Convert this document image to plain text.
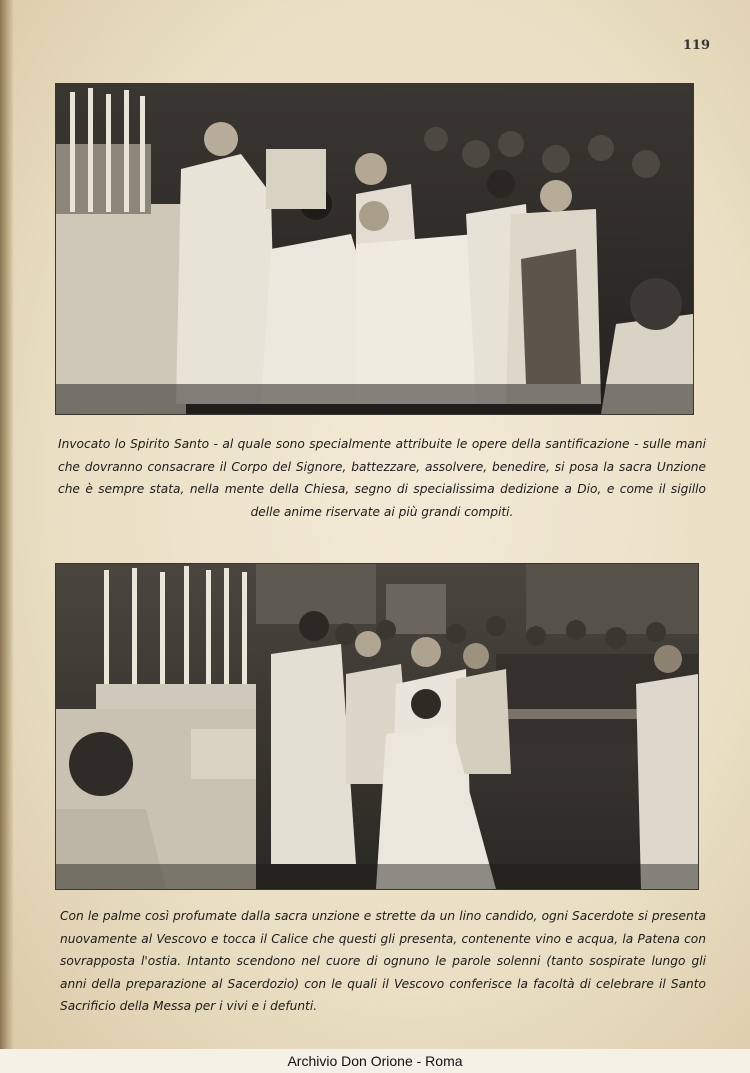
119

Invocato lo Spirito Santo - al quale sono specialmente attribuite le opere della santificazione - sulle mani che dovranno consacrare il Corpo del Signore, battezzare, assolvere, benedire, si posa la sacra Unzione che è sempre stata, nella mente della Chiesa, segno di specialissima dedizione a Dio, e come il sigillo delle anime riservate ai più grandi compiti.

Con le palme così profumate dalla sacra unzione e strette da un lino candido, ogni Sacerdote si presenta nuovamente al Vescovo e tocca il Calice che questi gli presenta, contenente vino e acqua, la Patena con sovrapposta l'ostia. Intanto scendono nel cuore di ognuno le parole solenni (tanto sospirate lungo gli anni della preparazione al Sacerdozio) con le quali il Vescovo conferisce la facoltà di celebrare il Santo Sacrificio della Messa per i vivi e i defunti.

Archivio Don Orione - Roma
